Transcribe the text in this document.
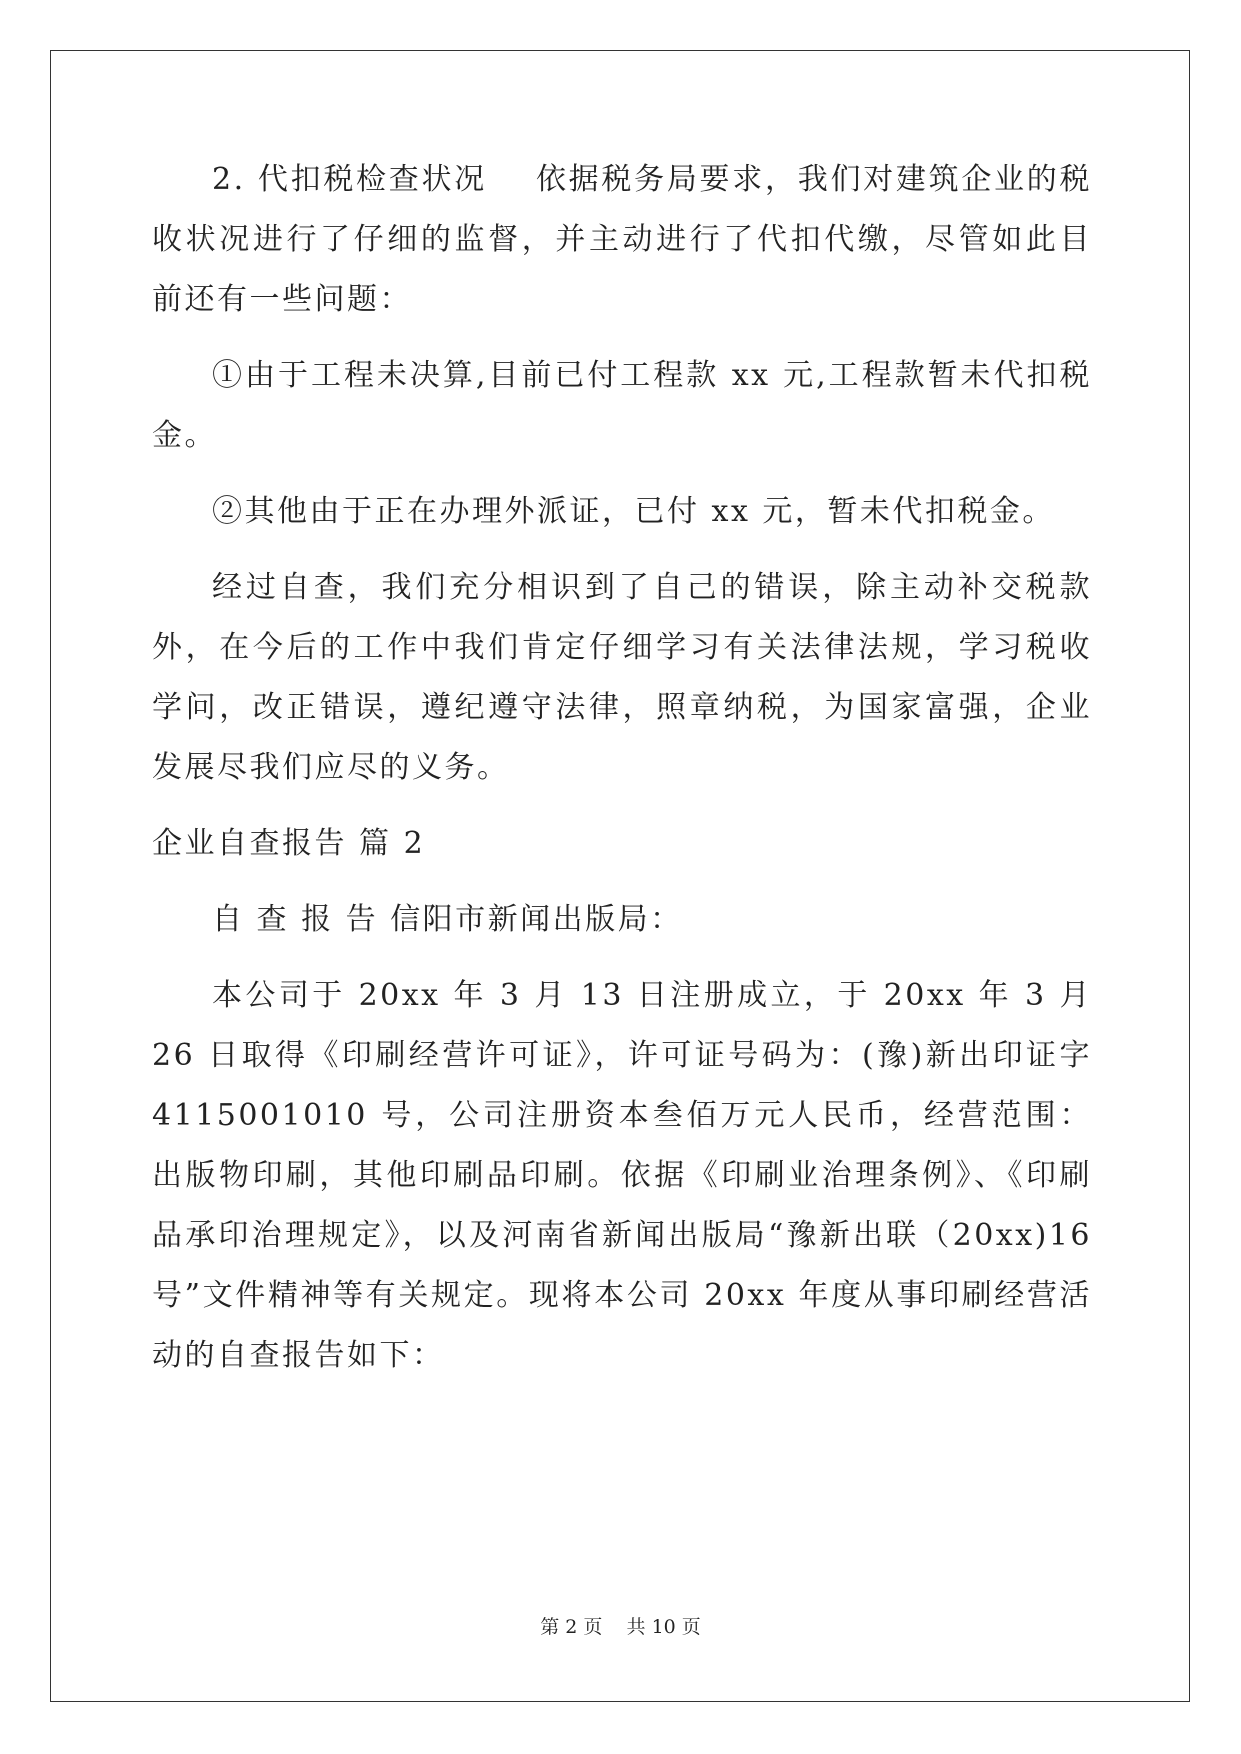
2. 代扣税检查状况    依据税务局要求，我们对建筑企业的税收状况进行了仔细的监督，并主动进行了代扣代缴，尽管如此目前还有一些问题：

①由于工程未决算,目前已付工程款 xx 元,工程款暂未代扣税金。

②其他由于正在办理外派证，已付 xx 元，暂未代扣税金。

经过自查，我们充分相识到了自己的错误，除主动补交税款外，在今后的工作中我们肯定仔细学习有关法律法规，学习税收学问，改正错误，遵纪遵守法律，照章纳税，为国家富强，企业发展尽我们应尽的义务。

企业自查报告 篇 2

自 查 报 告 信阳市新闻出版局：

本公司于 20xx 年 3 月 13 日注册成立，于 20xx 年 3 月 26 日取得《印刷经营许可证》，许可证号码为：(豫)新出印证字 4115001010 号，公司注册资本叁佰万元人民币，经营范围：出版物印刷，其他印刷品印刷。依据《印刷业治理条例》、《印刷品承印治理规定》，以及河南省新闻出版局“豫新出联（20xx)16 号”文件精神等有关规定。现将本公司 20xx 年度从事印刷经营活动的自查报告如下：

第 2 页    共 10 页
